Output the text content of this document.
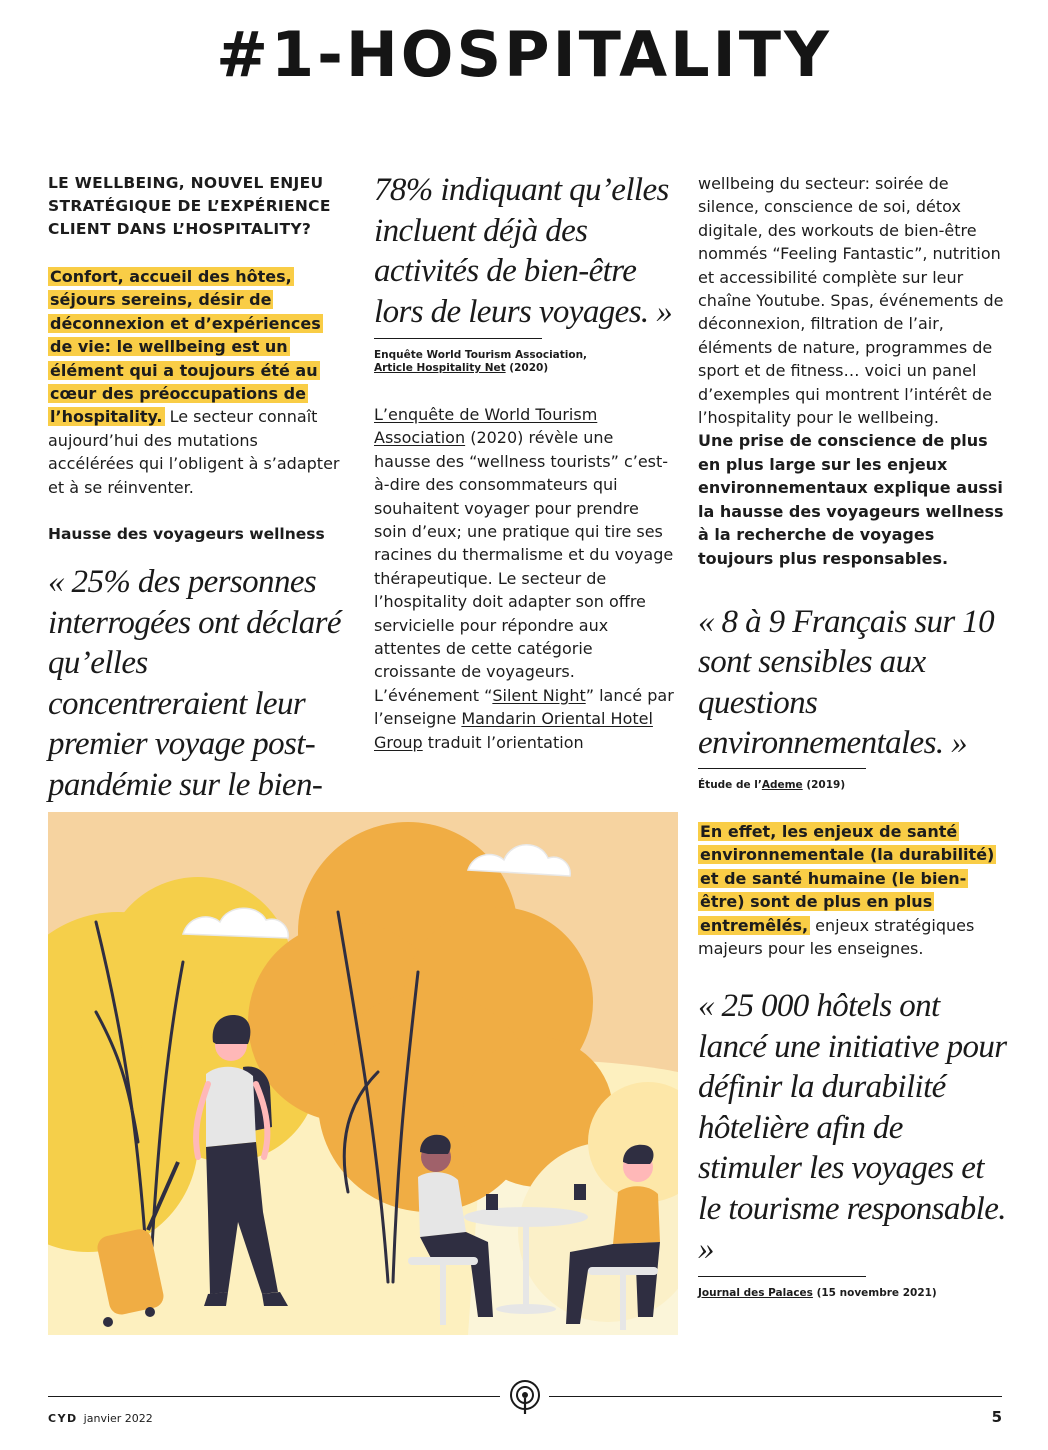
#1-HOSPITALITY

LE WELLBEING, NOUVEL ENJEU STRATÉGIQUE DE L’EXPÉRIENCE CLIENT DANS L’HOSPITALITY?

Confort, accueil des hôtes, séjours sereins, désir de déconnexion et d’expériences de vie: le wellbeing est un élément qui a toujours été au cœur des préoccupations de l’hospitality. Le secteur connaît aujourd’hui des mutations accélérées qui l’obligent à s’adapter et à se réinventer.

Hausse des voyageurs wellness

« 25% des personnes interrogées ont déclaré qu’elles concentreraient leur premier voyage post-pandémie sur le bien-

78% indiquant qu’elles incluent déjà des activités de bien-être lors de leurs voyages. »

Enquête World Tourism Association,
Article Hospitality Net (2020)

L’enquête de World Tourism Association (2020) révèle une hausse des “wellness tourists” c’est-à-dire des consommateurs qui souhaitent voyager pour prendre soin d’eux; une pratique qui tire ses racines du thermalisme et du voyage thérapeutique. Le secteur de l’hospitality doit adapter son offre servicielle pour répondre aux attentes de cette catégorie croissante de voyageurs. L’événement “Silent Night” lancé par l’enseigne Mandarin Oriental Hotel Group traduit l’orientation

wellbeing du secteur: soirée de silence, conscience de soi, détox digitale, des workouts de bien-être nommés “Feeling Fantastic”, nutrition et accessibilité complète sur leur chaîne Youtube. Spas, événements de déconnexion, filtration de l’air, éléments de nature, programmes de sport et de fitness… voici un panel d’exemples qui montrent l’intérêt de l’hospitality pour le wellbeing.

Une prise de conscience de plus en plus large sur les enjeux environnementaux explique aussi la hausse des voyageurs wellness à la recherche de voyages toujours plus responsables.

« 8 à 9 Français sur 10 sont sensibles aux questions environnementales. »

Étude de l’Ademe (2019)

En effet, les enjeux de santé environnementale (la durabilité) et de santé humaine (le bien-être) sont de plus en plus entremêlés, enjeux stratégiques majeurs pour les enseignes.

« 25 000 hôtels ont lancé une initiative pour définir la durabilité hôtelière afin de stimuler les voyages et le tourisme responsable. »

Journal des Palaces (15 novembre 2021)

CYD janvier 2022	5
